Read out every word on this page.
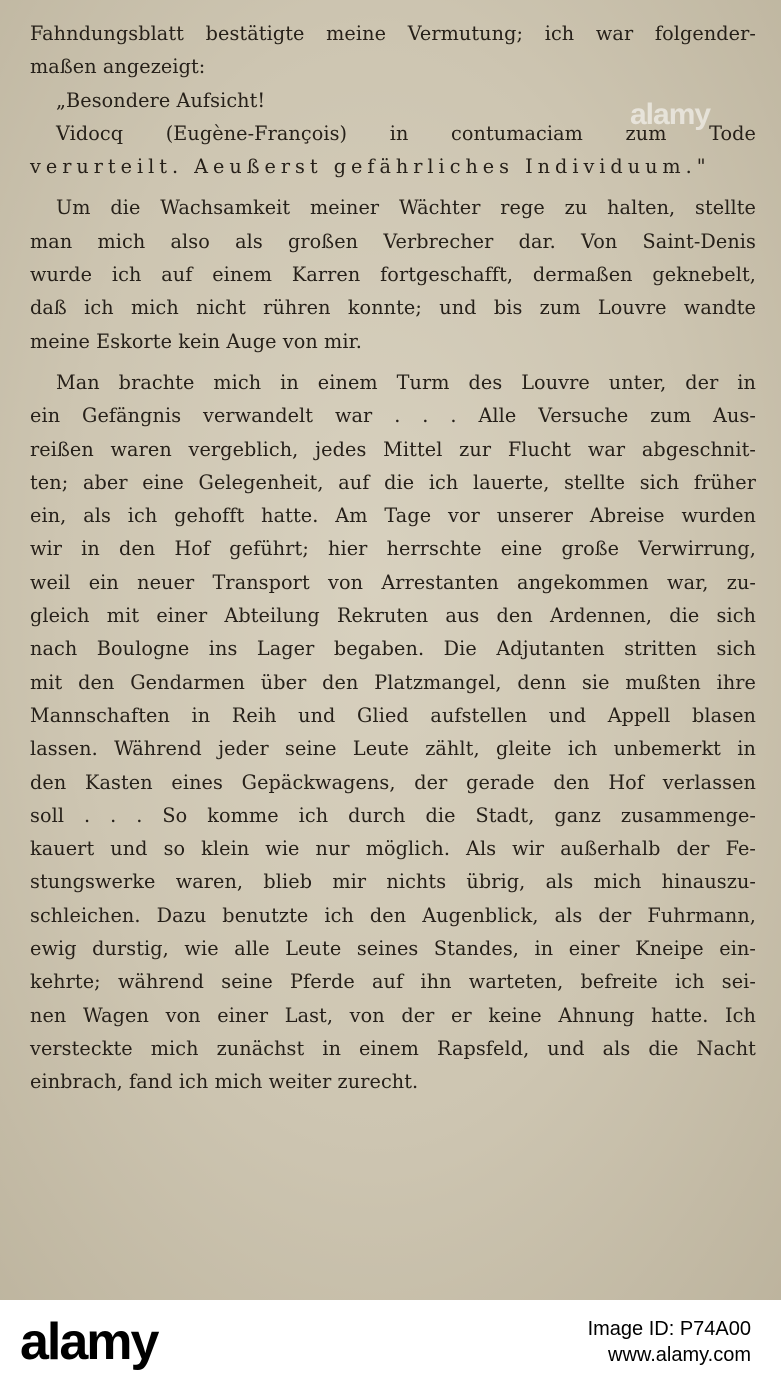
Fahndungsblatt bestätigte meine Vermutung; ich war folgender-
maßen angezeigt:
„Besondere Aufsicht!
Vidocq (Eugène-François) in contumaciam zum Tode
verurteilt. Aeußerst gefährliches Individuum."
Um die Wachsamkeit meiner Wächter rege zu halten, stellte
man mich also als großen Verbrecher dar. Von Saint-Denis
wurde ich auf einem Karren fortgeschafft, dermaßen geknebelt,
daß ich mich nicht rühren konnte; und bis zum Louvre wandte
meine Eskorte kein Auge von mir.
Man brachte mich in einem Turm des Louvre unter, der in
ein Gefängnis verwandelt war . . . Alle Versuche zum Aus-
reißen waren vergeblich, jedes Mittel zur Flucht war abgeschnit-
ten; aber eine Gelegenheit, auf die ich lauerte, stellte sich früher
ein, als ich gehofft hatte. Am Tage vor unserer Abreise wurden
wir in den Hof geführt; hier herrschte eine große Verwirrung,
weil ein neuer Transport von Arrestanten angekommen war, zu-
gleich mit einer Abteilung Rekruten aus den Ardennen, die sich
nach Boulogne ins Lager begaben. Die Adjutanten stritten sich
mit den Gendarmen über den Platzmangel, denn sie mußten ihre
Mannschaften in Reih und Glied aufstellen und Appell blasen
lassen. Während jeder seine Leute zählt, gleite ich unbemerkt in
den Kasten eines Gepäckwagens, der gerade den Hof verlassen
soll . . . So komme ich durch die Stadt, ganz zusammenge-
kauert und so klein wie nur möglich. Als wir außerhalb der Fe-
stungswerke waren, blieb mir nichts übrig, als mich hinauszu-
schleichen. Dazu benutzte ich den Augenblick, als der Fuhrmann,
ewig durstig, wie alle Leute seines Standes, in einer Kneipe ein-
kehrte; während seine Pferde auf ihn warteten, befreite ich sei-
nen Wagen von einer Last, von der er keine Ahnung hatte. Ich
versteckte mich zunächst in einem Rapsfeld, und als die Nacht
einbrach, fand ich mich weiter zurecht.
alamy
alamy	Image ID: P74A00
www.alamy.com
